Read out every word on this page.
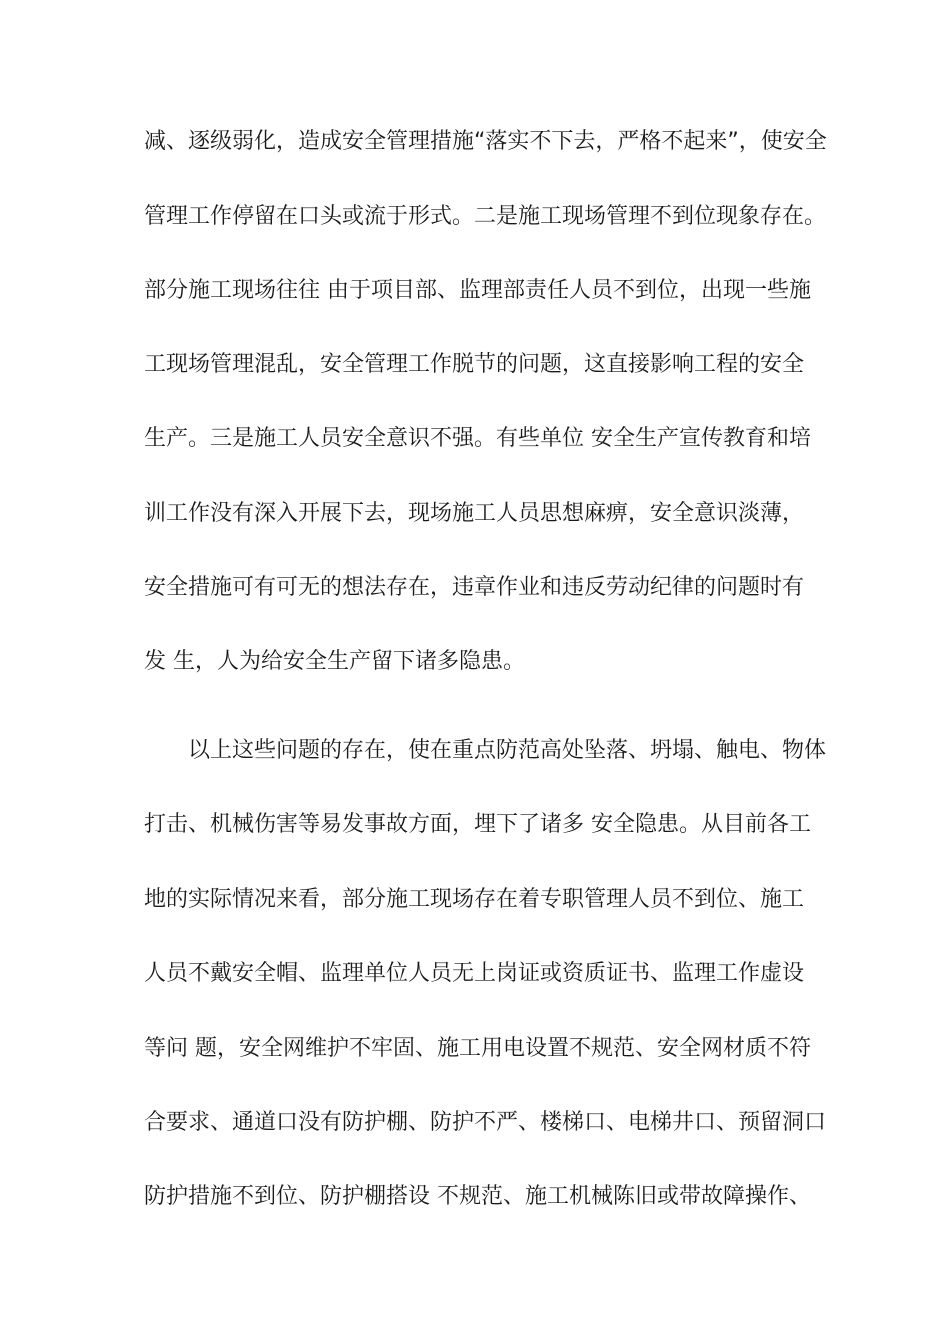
减、逐级弱化，造成安全管理措施“落实不下去，严格不起来”，使安全
管理工作停留在口头或流于形式。二是施工现场管理不到位现象存在。
部分施工现场往往 由于项目部、监理部责任人员不到位，出现一些施
工现场管理混乱，安全管理工作脱节的问题，这直接影响工程的安全
生产。三是施工人员安全意识不强。有些单位 安全生产宣传教育和培
训工作没有深入开展下去，现场施工人员思想麻痹，安全意识淡薄，
安全措施可有可无的想法存在，违章作业和违反劳动纪律的问题时有
发 生，人为给安全生产留下诸多隐患。
以上这些问题的存在，使在重点防范高处坠落、坍塌、触电、物体
打击、机械伤害等易发事故方面，埋下了诸多 安全隐患。从目前各工
地的实际情况来看，部分施工现场存在着专职管理人员不到位、施工
人员不戴安全帽、监理单位人员无上岗证或资质证书、监理工作虚设
等问 题，安全网维护不牢固、施工用电设置不规范、安全网材质不符
合要求、通道口没有防护棚、防护不严、楼梯口、电梯井口、预留洞口
防护措施不到位、防护棚搭设 不规范、施工机械陈旧或带故障操作、
